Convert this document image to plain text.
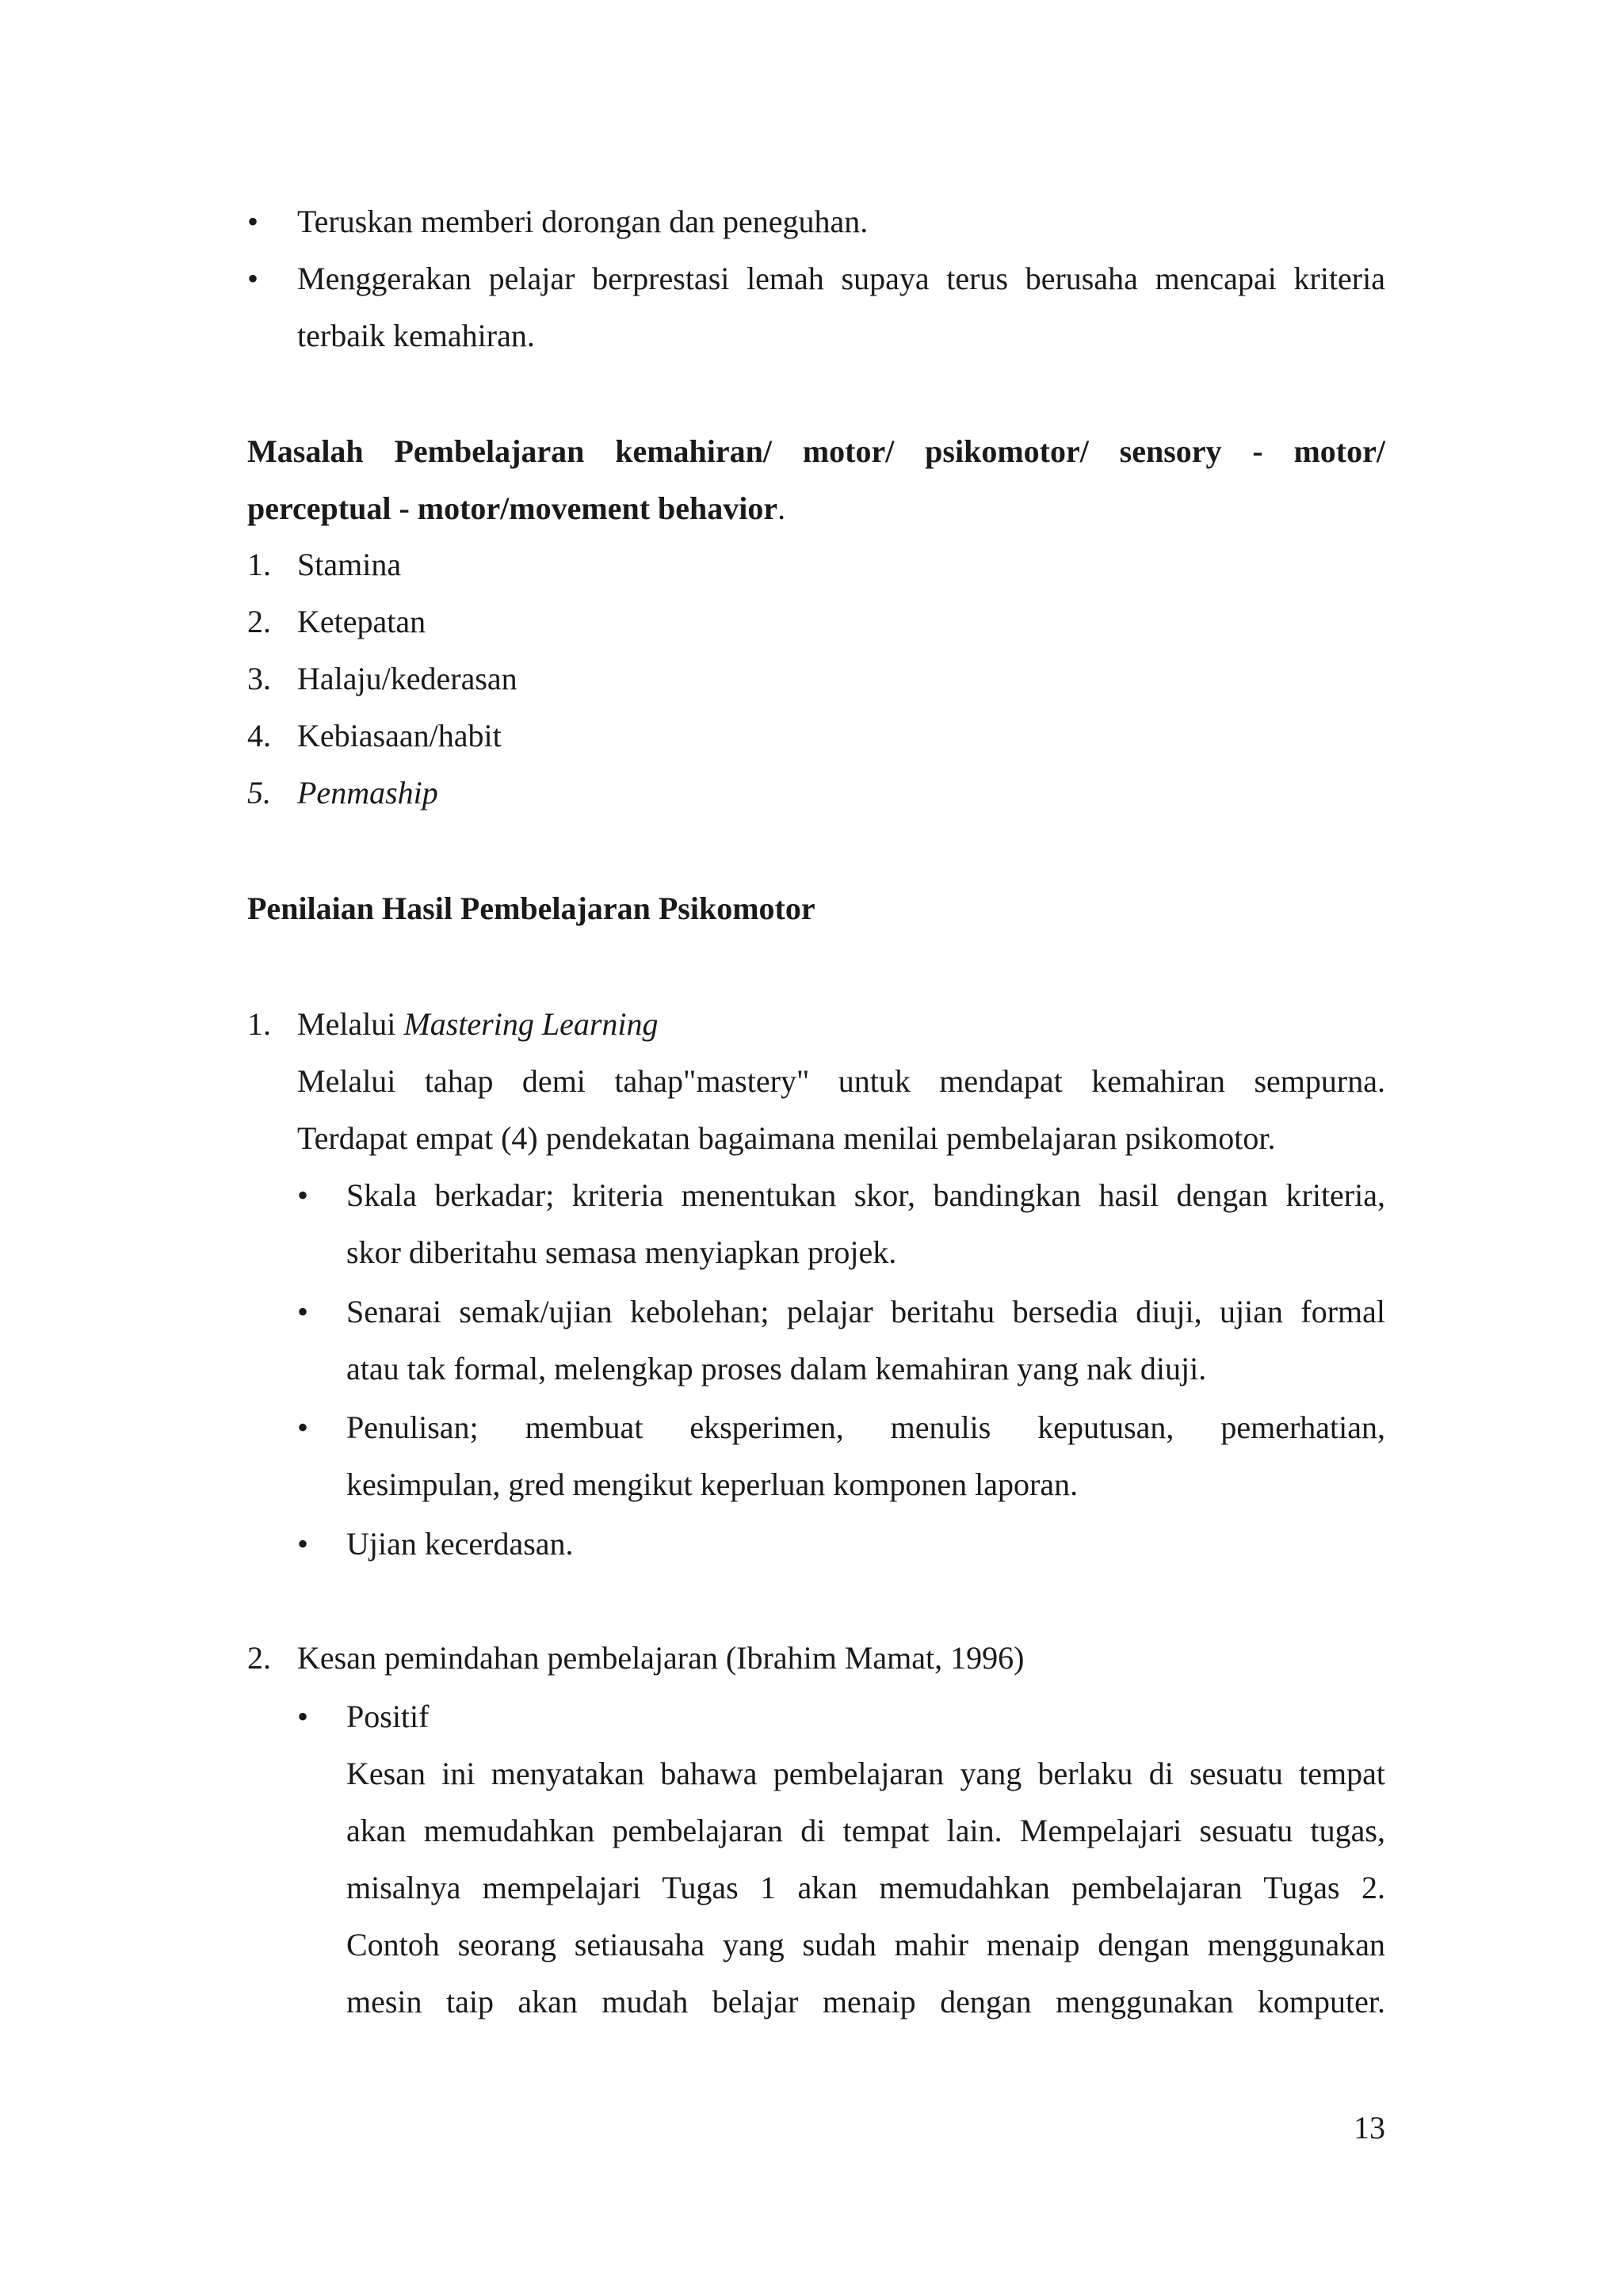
• Teruskan memberi dorongan dan peneguhan.
• Menggerakan pelajar berprestasi lemah supaya terus berusaha mencapai kriteria
terbaik kemahiran.
Masalah Pembelajaran kemahiran/ motor/ psikomotor/ sensory - motor/
perceptual - motor/movement behavior.
1. Stamina
2. Ketepatan
3. Halaju/kederasan
4. Kebiasaan/habit
5. Penmaship
Penilaian Hasil Pembelajaran Psikomotor
1. Melalui Mastering Learning
Melalui tahap demi tahap"mastery" untuk mendapat kemahiran sempurna.
Terdapat empat (4) pendekatan bagaimana menilai pembelajaran psikomotor.
• Skala berkadar; kriteria menentukan skor, bandingkan hasil dengan kriteria,
skor diberitahu semasa menyiapkan projek.
• Senarai semak/ujian kebolehan; pelajar beritahu bersedia diuji, ujian formal
atau tak formal, melengkap proses dalam kemahiran yang nak diuji.
• Penulisan; membuat eksperimen, menulis keputusan, pemerhatian,
kesimpulan, gred mengikut keperluan komponen laporan.
• Ujian kecerdasan.
2. Kesan pemindahan pembelajaran (Ibrahim Mamat, 1996)
• Positif
Kesan ini menyatakan bahawa pembelajaran yang berlaku di sesuatu tempat
akan memudahkan pembelajaran di tempat lain. Mempelajari sesuatu tugas,
misalnya mempelajari Tugas 1 akan memudahkan pembelajaran Tugas 2.
Contoh seorang setiausaha yang sudah mahir menaip dengan menggunakan
mesin taip akan mudah belajar menaip dengan menggunakan komputer.
13
